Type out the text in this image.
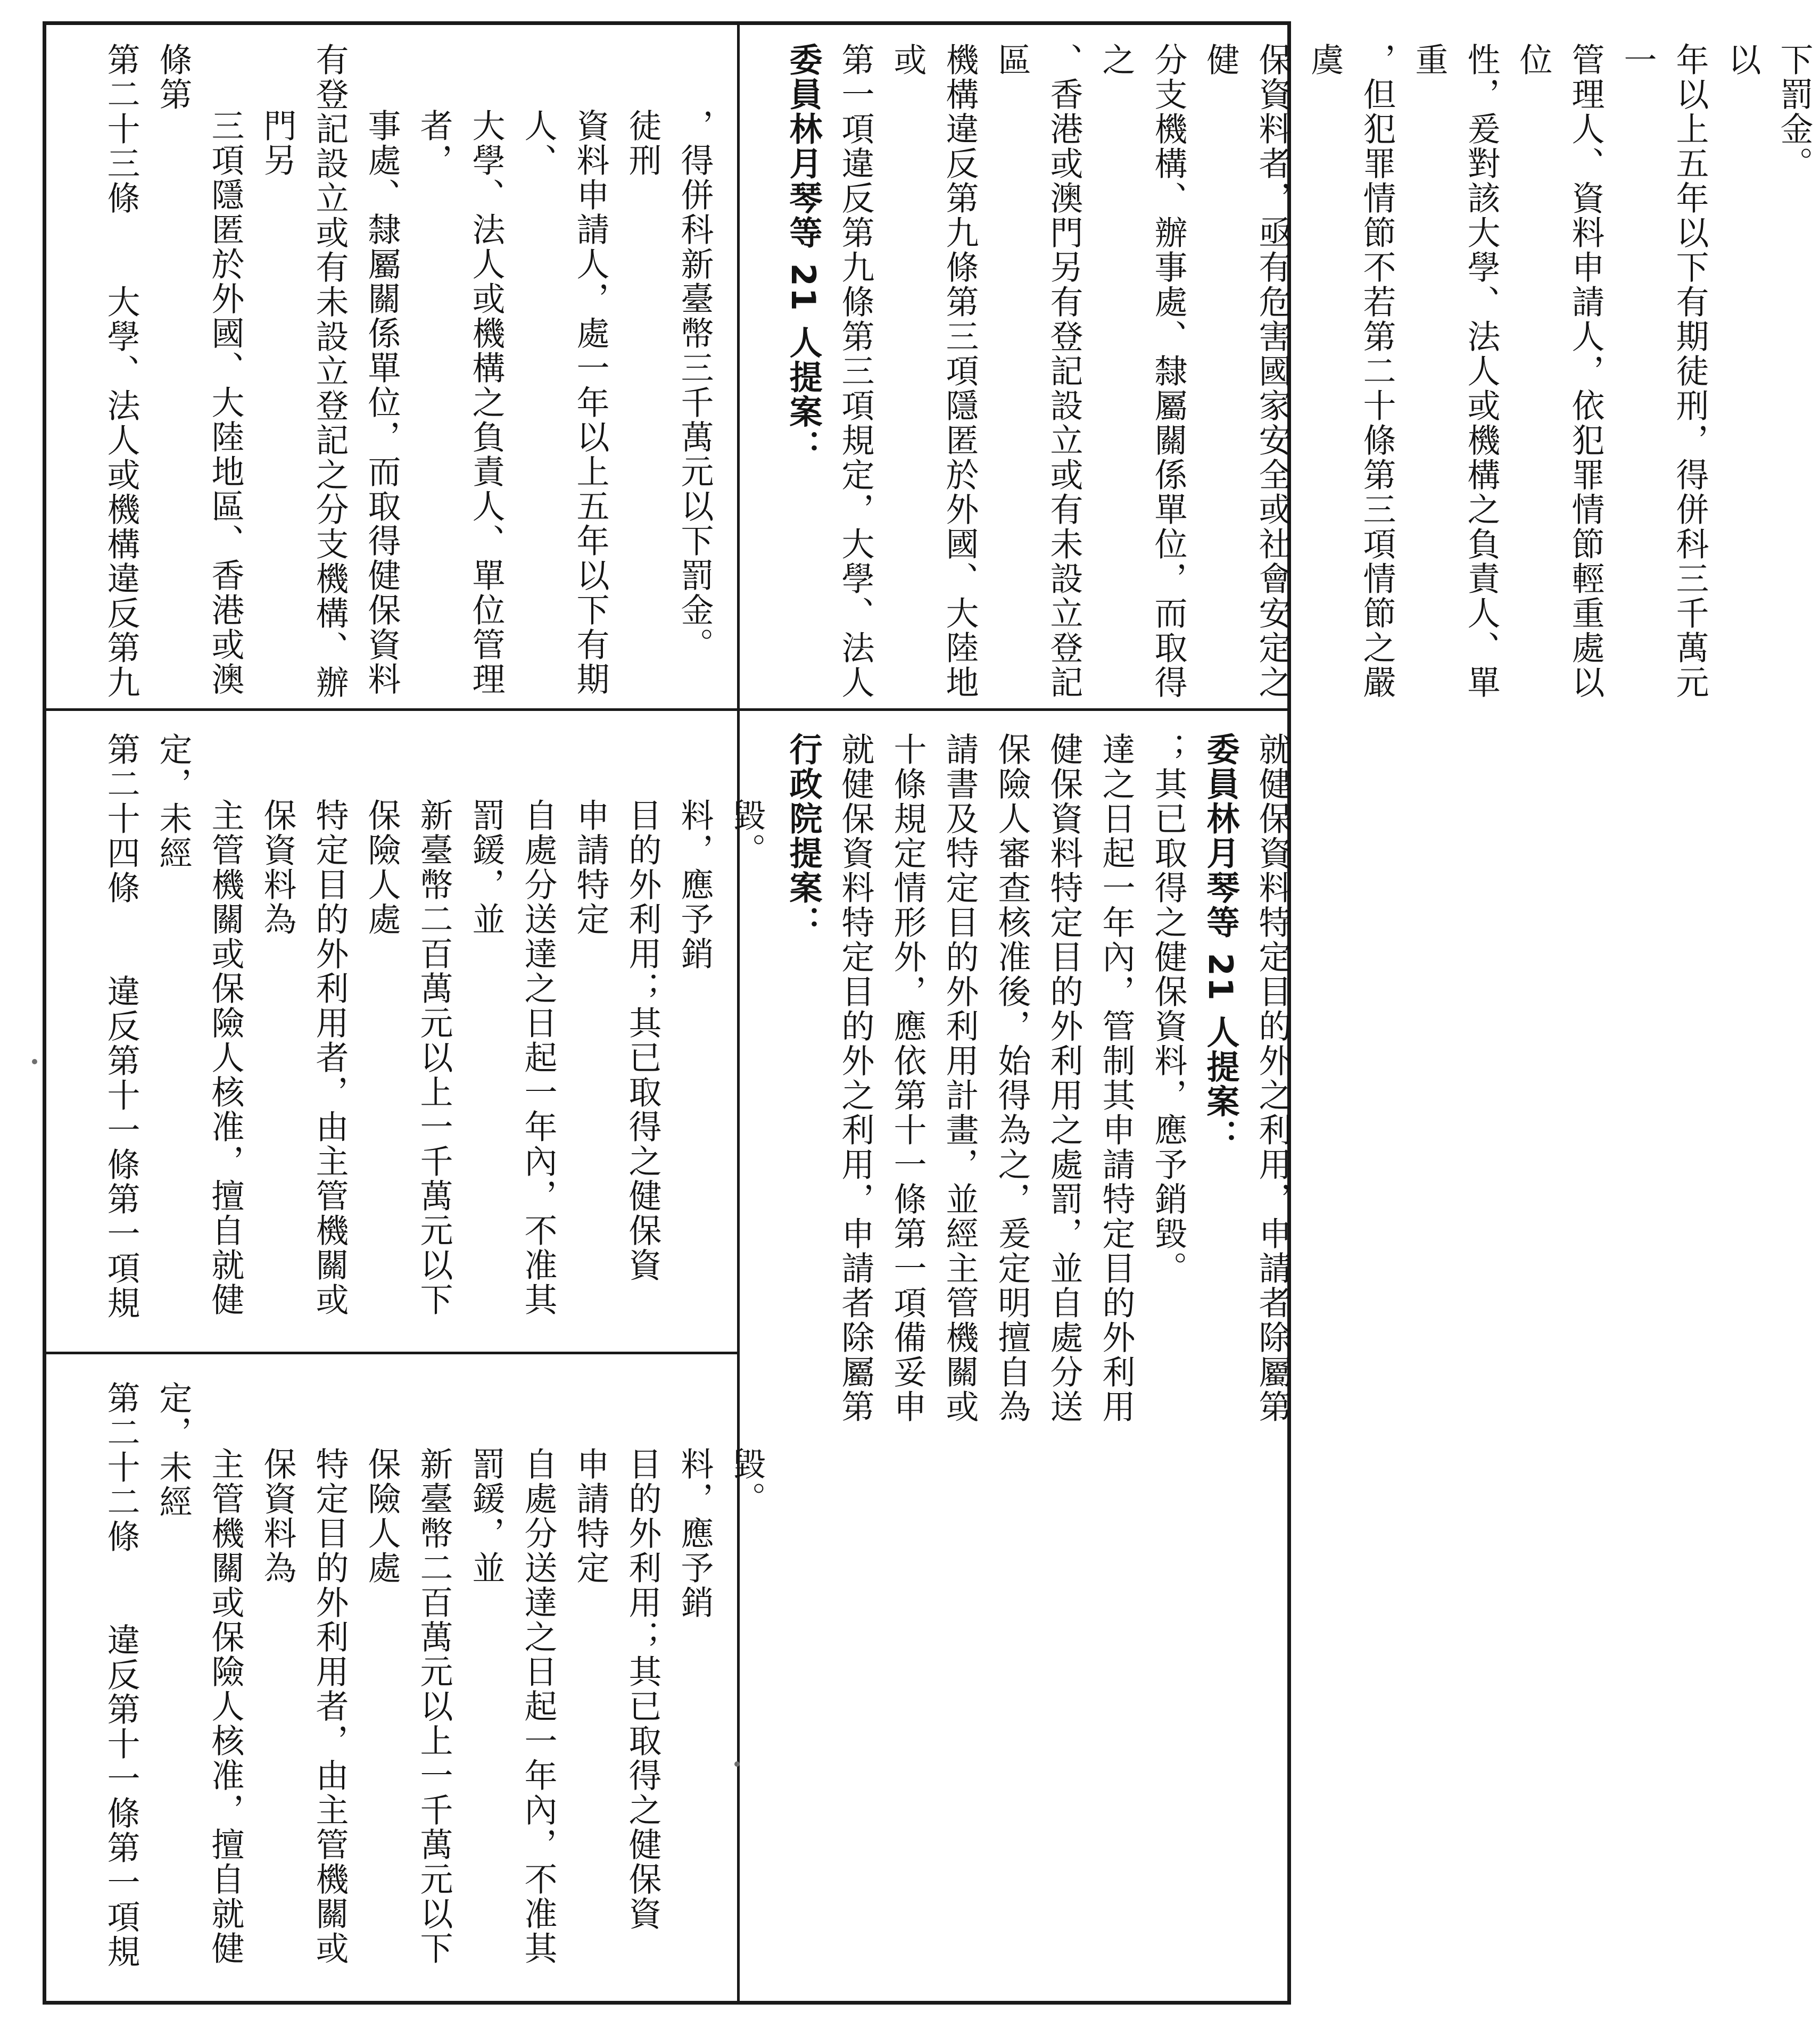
第二十三條　　大學、法人或機構違反第九條第
三項隱匿於外國、大陸地區、香港或澳門另 有登記設立或有未設立登記之分支機構、辦 事處、隸屬關係單位，而取得健保資料者， 大學、法人或機構之負責人、單位管理人、 資料申請人，處一年以上五年以下有期徒刑 ，得併科新臺幣三千萬元以下罰金。 委員林月琴等 21 人提案： 第一項違反第九條第三項規定，大學、法人或 機構違反第九條第三項隱匿於外國、大陸地區 、香港或澳門另有登記設立或有未設立登記之 分支機構、辦事處、隸屬關係單位，而取得健 保資料者，亟有危害國家安全或社會安定之虞 ，但犯罪情節不若第二十條第三項情節之嚴重 性，爰對該大學、法人或機構之負責人、單位 管理人、資料申請人，依犯罪情節輕重處以一 年以上五年以下有期徒刑，得併科三千萬元以 下罰金。
第二十二條　　違反第十一條第一項規定，未經 主管機關或保險人核准，擅自就健保資料為 特定目的外利用者，由主管機關或保險人處 新臺幣二百萬元以上一千萬元以下罰鍰，並 自處分送達之日起一年內，不准其申請特定 目的外利用；其已取得之健保資料，應予銷 毀。
第二十四條　　違反第十一條第一項規定，未經 主管機關或保險人核准，擅自就健保資料為 特定目的外利用者，由主管機關或保險人處 新臺幣二百萬元以上一千萬元以下罰鍰，並 自處分送達之日起一年內，不准其申請特定 目的外利用；其已取得之健保資料，應予銷 毀。 行政院提案： 就健保資料特定目的外之利用，申請者除屬第 十條規定情形外，應依第十一條第一項備妥申 請書及特定目的外利用計畫，並經主管機關或 保險人審查核准後，始得為之，爰定明擅自為 健保資料特定目的外利用之處罰，並自處分送 達之日起一年內，管制其申請特定目的外利用 ；其已取得之健保資料，應予銷毀。 委員林月琴等 21 人提案： 就健保資料特定目的外之利用，申請者除屬第
